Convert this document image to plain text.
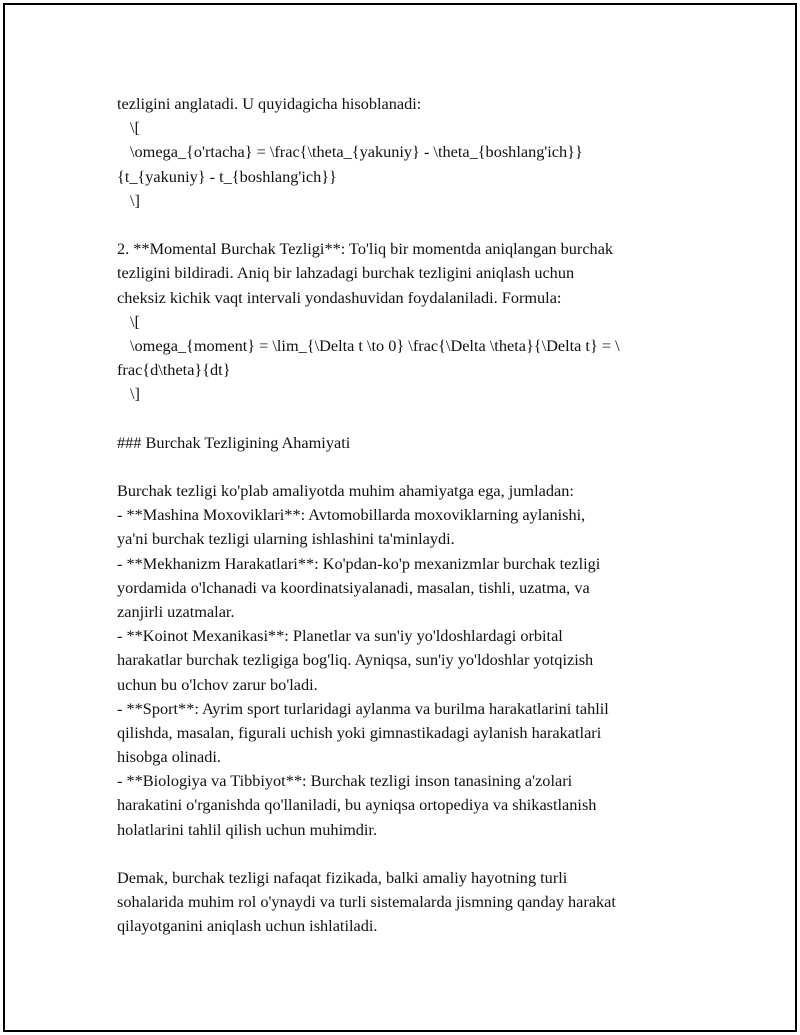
tezligini anglatadi. U quyidagicha hisoblanadi:
\[
\omega_{o'rtacha} = \frac{\theta_{yakuniy} - \theta_{boshlang'ich}}
{t_{yakuniy} - t_{boshlang'ich}}
\]
2. **Momental Burchak Tezligi**: To'liq bir momentda aniqlangan burchak
tezligini bildiradi. Aniq bir lahzadagi burchak tezligini aniqlash uchun
cheksiz kichik vaqt intervali yondashuvidan foydalaniladi. Formula:
\[
\omega_{moment} = \lim_{\Delta t \to 0} \frac{\Delta \theta}{\Delta t} = \
frac{d\theta}{dt}
\]
### Burchak Tezligining Ahamiyati
Burchak tezligi ko'plab amaliyotda muhim ahamiyatga ega, jumladan:
- **Mashina Moxoviklari**: Avtomobillarda moxoviklarning aylanishi,
ya'ni burchak tezligi ularning ishlashini ta'minlaydi.
- **Mekhanizm Harakatlari**: Ko'pdan-ko'p mexanizmlar burchak tezligi
yordamida o'lchanadi va koordinatsiyalanadi, masalan, tishli, uzatma, va
zanjirli uzatmalar.
- **Koinot Mexanikasi**: Planetlar va sun'iy yo'ldoshlardagi orbital
harakatlar burchak tezligiga bog'liq. Ayniqsa, sun'iy yo'ldoshlar yotqizish
uchun bu o'lchov zarur bo'ladi.
- **Sport**: Ayrim sport turlaridagi aylanma va burilma harakatlarini tahlil
qilishda, masalan, figurali uchish yoki gimnastikadagi aylanish harakatlari
hisobga olinadi.
- **Biologiya va Tibbiyot**: Burchak tezligi inson tanasining a'zolari
harakatini o'rganishda qo'llaniladi, bu ayniqsa ortopediya va shikastlanish
holatlarini tahlil qilish uchun muhimdir.
Demak, burchak tezligi nafaqat fizikada, balki amaliy hayotning turli
sohalarida muhim rol o'ynaydi va turli sistemalarda jismning qanday harakat
qilayotganini aniqlash uchun ishlatiladi.
